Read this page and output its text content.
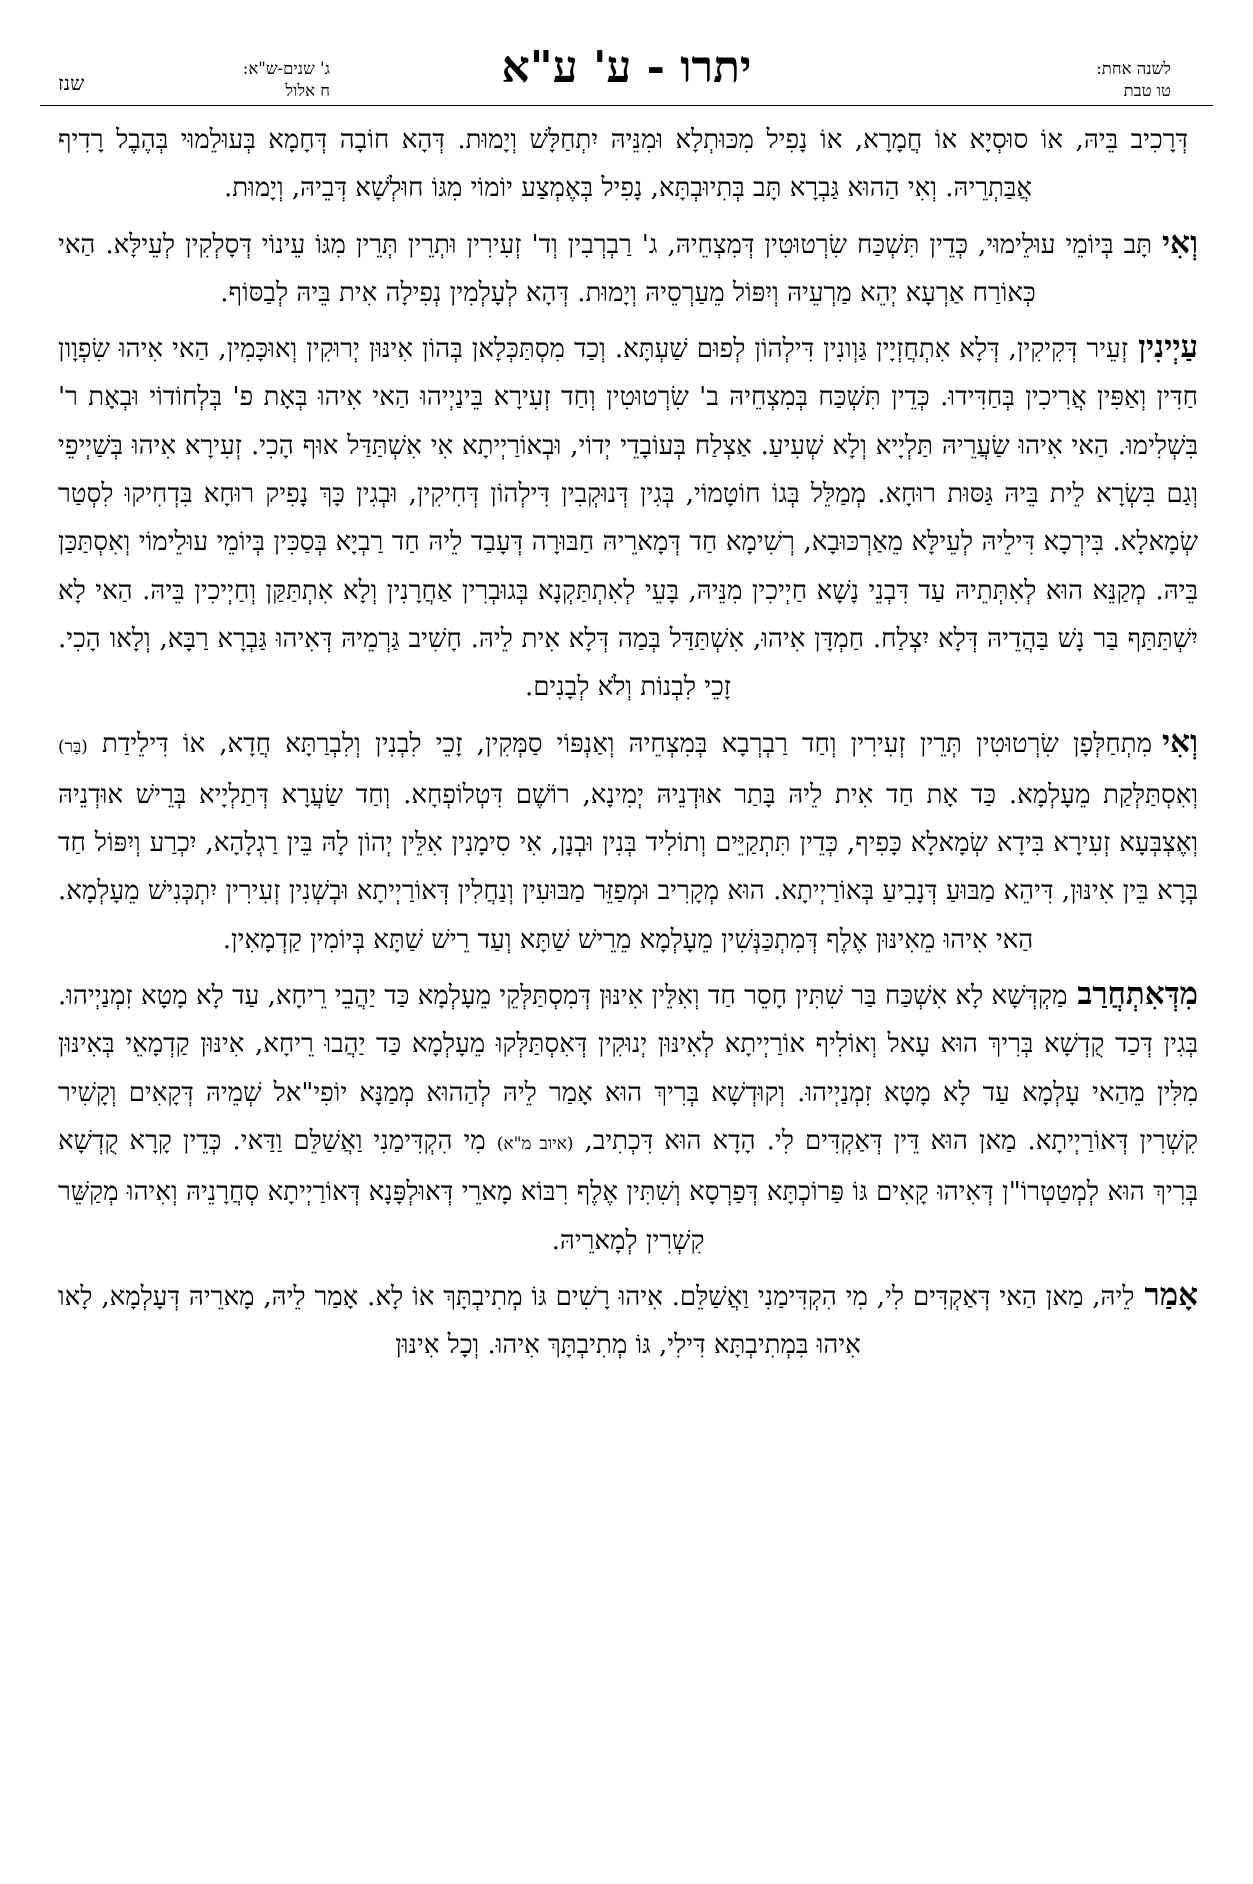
לשנה אחת:
טו טבת
יתרו - ע' ע"א
ג' שנים-ש"א:
ח אלול
שנז

דְּרָכִיב בֵּיהּ, אוֹ סוּסְיָא אוֹ חֲמָרָא, אוֹ נָפִיל מִכּוּתְלָא וּמִנֵּיהּ יִתְחַלָּשׁ וְיָמוּת. דְּהָא חוֹבָה דְּחָמָא בְּעוּלֵמוּי בְּהֶבֶל רָדִיף אֲבַּתְרֵיהּ. וְאִי הַהוּא גַּבְרָא תָּב בְּתִיוּבְתָּא, נָפִיל בְּאֶמְצַע יוֹמוֹי מִגּוֹ חוּלְשָׁא דְּבֵיהּ, וְיָמוּת.

וְאִיתָּב בְּיוֹמֵי עוּלֵימוּי, כְּדֵין תִּשְׁכַּח שִׂרְטוּטִין דְּמִצְחֵיהּ, ג' רַבְרְבִין וְד' זְעִירִין וּתְרֵין תְּרֵין מִגּוֹ עֵינוֹי דְּסָלְקִין לְעֵילָּא. הַאי כְּאוֹרַח אַרְעָא יְהֵא מַרְעֵיהּ וְיִפּוֹל מֵעַרְסֵיהּ וְיָמוּת. דְּהָא לְעָלְמִין נְפִילָה אִית בֵּיהּ לְבַסּוֹף.

עַיְינִיןזְעֵיר דְּקִיקִין, דְּלָא אִתְחֲזְיָין גַּוְונִין דִּילְהוֹן לְפוּם שַׁעְתָּא. וְכַד מִסְתַּכְּלָאן בְּהוֹן אִינּוּן יְרוּקִין וְאוּכָּמִין, הַאי אִיהוּ שִׂפְוָון חַדִּין וְאַפִּין אֲרִיכִין בְּחַדִּידוּ. כְּדֵין תִּשְׁכַּח בְּמִצְחֵיהּ ב' שִׂרְטוּטִין וְחַד זְעִירָא בֵּינַיְיהוּ הַאי אִיהוּ בְּאָת פ' בְּלְחוֹדוֹי וּבְאָת ר' בִּשְׁלִימוּ. הַאי אִיהוּ שַׂעֲרֵיהּ תַּלְיָיא וְלָא שְׁעִיעַ. אַצְלַח בְּעוֹבָדֵי יְדוֹי, וּבְאוֹרַיְיתָא אִי אִשְׁתַּדַּל אוּף הָכִי. זְעִירָא אִיהוּ בְּשַׁיְיפֵי וְגַם בִּשְׂרָא לֵית בֵּיהּ גַּסּוּת רוּחָא. מְמַלֵּל בְּגוֹ חוֹטָמוֹי, בְּגִין דְּנוּקְבִין דִּילְהוֹן דְּחִיקִין, וּבְגִין כָּךְ נָפִיק רוּחָא בִּדְחִיקוּ לִסְטַר שְׂמָאלָא. בִּירְכָא דִּילֵיהּ לְעֵילָּא מֵאַרְכּוּבָא, רְשִׁימָא חַד דְּמָארֵיהּ חַבּוּרָה דְּעָבַד לֵיהּ חַד רַבְיָא בְּסַכִּין בְּיוֹמֵי עוּלֵימוֹי וְאִסְתַּכַּן בֵּיהּ. מְקַנֵּא הוּא לְאִתְּתֵיהּ עַד דִּבְנֵי נָשָׁא חַיְיכִין מִנֵּיהּ, בָּעֵי לְאִתְתַּקְנָא בְּגוּבְרִין אַחֲרָנִין וְלָא אִתְתַּקַּן וְחַיְיכִין בֵּיהּ. הַאי לָא יִשְׁתַּתַּף בַּר נָשׁ בַּהֲדֵיהּ דְּלָא יִצְלַח. חַמְדָּן אִיהוּ, אִשְׁתַּדַּל בְּמַה דְּלָא אִית לֵיהּ. חָשִׁיב גַּרְמֵיהּ דְּאִיהוּ גַּבְרָא רַבָּא, וְלָאו הָכִי. זָכֵי לִבְנוֹת וְלֹא לְבָנִים.

וְאִימִתְחַלְּפָן שִׂרְטוּטִין תְּרֵין זְעִירִין וְחַד רַבְרְבָא בְּמִצְחֵיהּ וְאַנְפּוֹי סַמְּקִין, זָכֵי לִבְנִין וְלִבְרַתָּא חֲדָא, אוֹ דִּילֵידַת (בַּר) וְאִסְתַּלְּקַת מֵעָלְמָא. כַּד אָת חַד אִית לֵיהּ בָּתַר אוּדְנֵיהּ יְמִינָא, רוֹשֶׁם דִּטְלוֹפְחָא. וְחַד שַׂעֲרָא דְּתַלְיָיא בְּרֵישׁ אוּדְנֵיהּ וְאֶצְבְּעָא זְעִירָא בִּידָא שְׂמָאלָא כָּפִיף, כְּדֵין תִּתְקַיֵּים וְתוֹלִיד בְּנִין וּבְנָן, אִי סִימָנִין אִלֵּין יְהוֹן לָהּ בֵּין רַגְלָהָא, יִכְרַע וְיִפּוֹל חַד בְּרָא בֵּין אִינּוּן, דִּיהֵא מַבּוּעַ דְּנָבִיעַ בְּאוֹרַיְיתָא. הוּא מְקָרִיב וּמְפַזֵּר מַבּוּעִין וְנַחֲלִין דְּאוֹרַיְיתָא וּבְשְׁנִין זְעִירִין יִתְכְּנִישׁ מֵעָלְמָא. הַאי אִיהוּ מֵאִינּוּן אֶלֶף דְּמִתְכַּנְּשִׁין מֵעָלְמָא מֵרֵישׁ שַׁתָּא וְעַד רֵישׁ שַׁתָּא בְּיוֹמִין קַדְמָאִין.

מִדְּאִתְחֲרַבמַקְדְּשָׁא לָא אִשְׁכַּח בַּר שִׁתִּין חָסֵר חַד וְאִלֵּין אִינּוּן דְּמִסְתַּלְּקֵי מֵעָלְמָא כַּד יַהֲבֵי רֵיחָא, עַד לָא מָטָא זִמְנַיְיהוּ. בְּגִין דְּכַד קֻדְשָׁא בְּרִיךְ הוּא עָאל וְאוֹלִיף אוֹרַיְיתָא לְאִינּוּן יְנוּקִין דְּאִסְתַּלְּקוּ מֵעָלְמָא כַּד יַהֲבוּ רֵיחָא, אִינּוּן קַדְמָאֵי בְּאִינּוּן מִלִּין מֵהַאי עָלְמָא עַד לָא מָטָא זִמְנַיְיהוּ. וְקוּדְשָׁא בְּרִיךְ הוּא אָמַר לֵיהּ לְהַהוּא מְמַנָּא יוֹפִי"אל שְׁמֵיהּ דְּקָאִים וְקָשִׁיר קִשְׁרִין דְּאוֹרַיְיתָא. מַאן הוּא דֵּין דְּאַקְדִּים לִי. הָדָא הוּא דִּכְתִיב, (איוב מ"א) מִי הִקְדִּימַנִי וַאֲשַׁלֵּם וַדַּאי. כְּדֵין קָרָא קֻדְשָׁא בְּרִיךְ הוּא לְמְטַטְרוֹ"ן דְּאִיהוּ קָאִים גּוֹ פַּרוֹכְתָּא דְּפַרְסָא וְשִׁתִּין אֶלֶף רִבּוֹא מָארֵי דְּאוּלְפָּנָא דְּאוֹרַיְיתָא סְחֲרָנֵיהּ וְאִיהוּ מְקַשֵּׁר קִשְׁרִין לְמָארֵיהּ.

אָמַרלֵיהּ, מַאן הַאי דְּאַקְדִּים לִי, מִי הִקְדִּימַנִי וַאֲשַׁלֵּם. אִיהוּ רָשִׁים גּוֹ מְתִיבְתָּךְ אוֹ לָא. אָמַר לֵיהּ, מָארֵיהּ דְּעָלְמָא, לָאו אִיהוּ בִּמְתִיבְתָּא דִּילִי, גּוֹ מְתִיבְתָּךְ אִיהוּ. וְכָל אִינּוּן
